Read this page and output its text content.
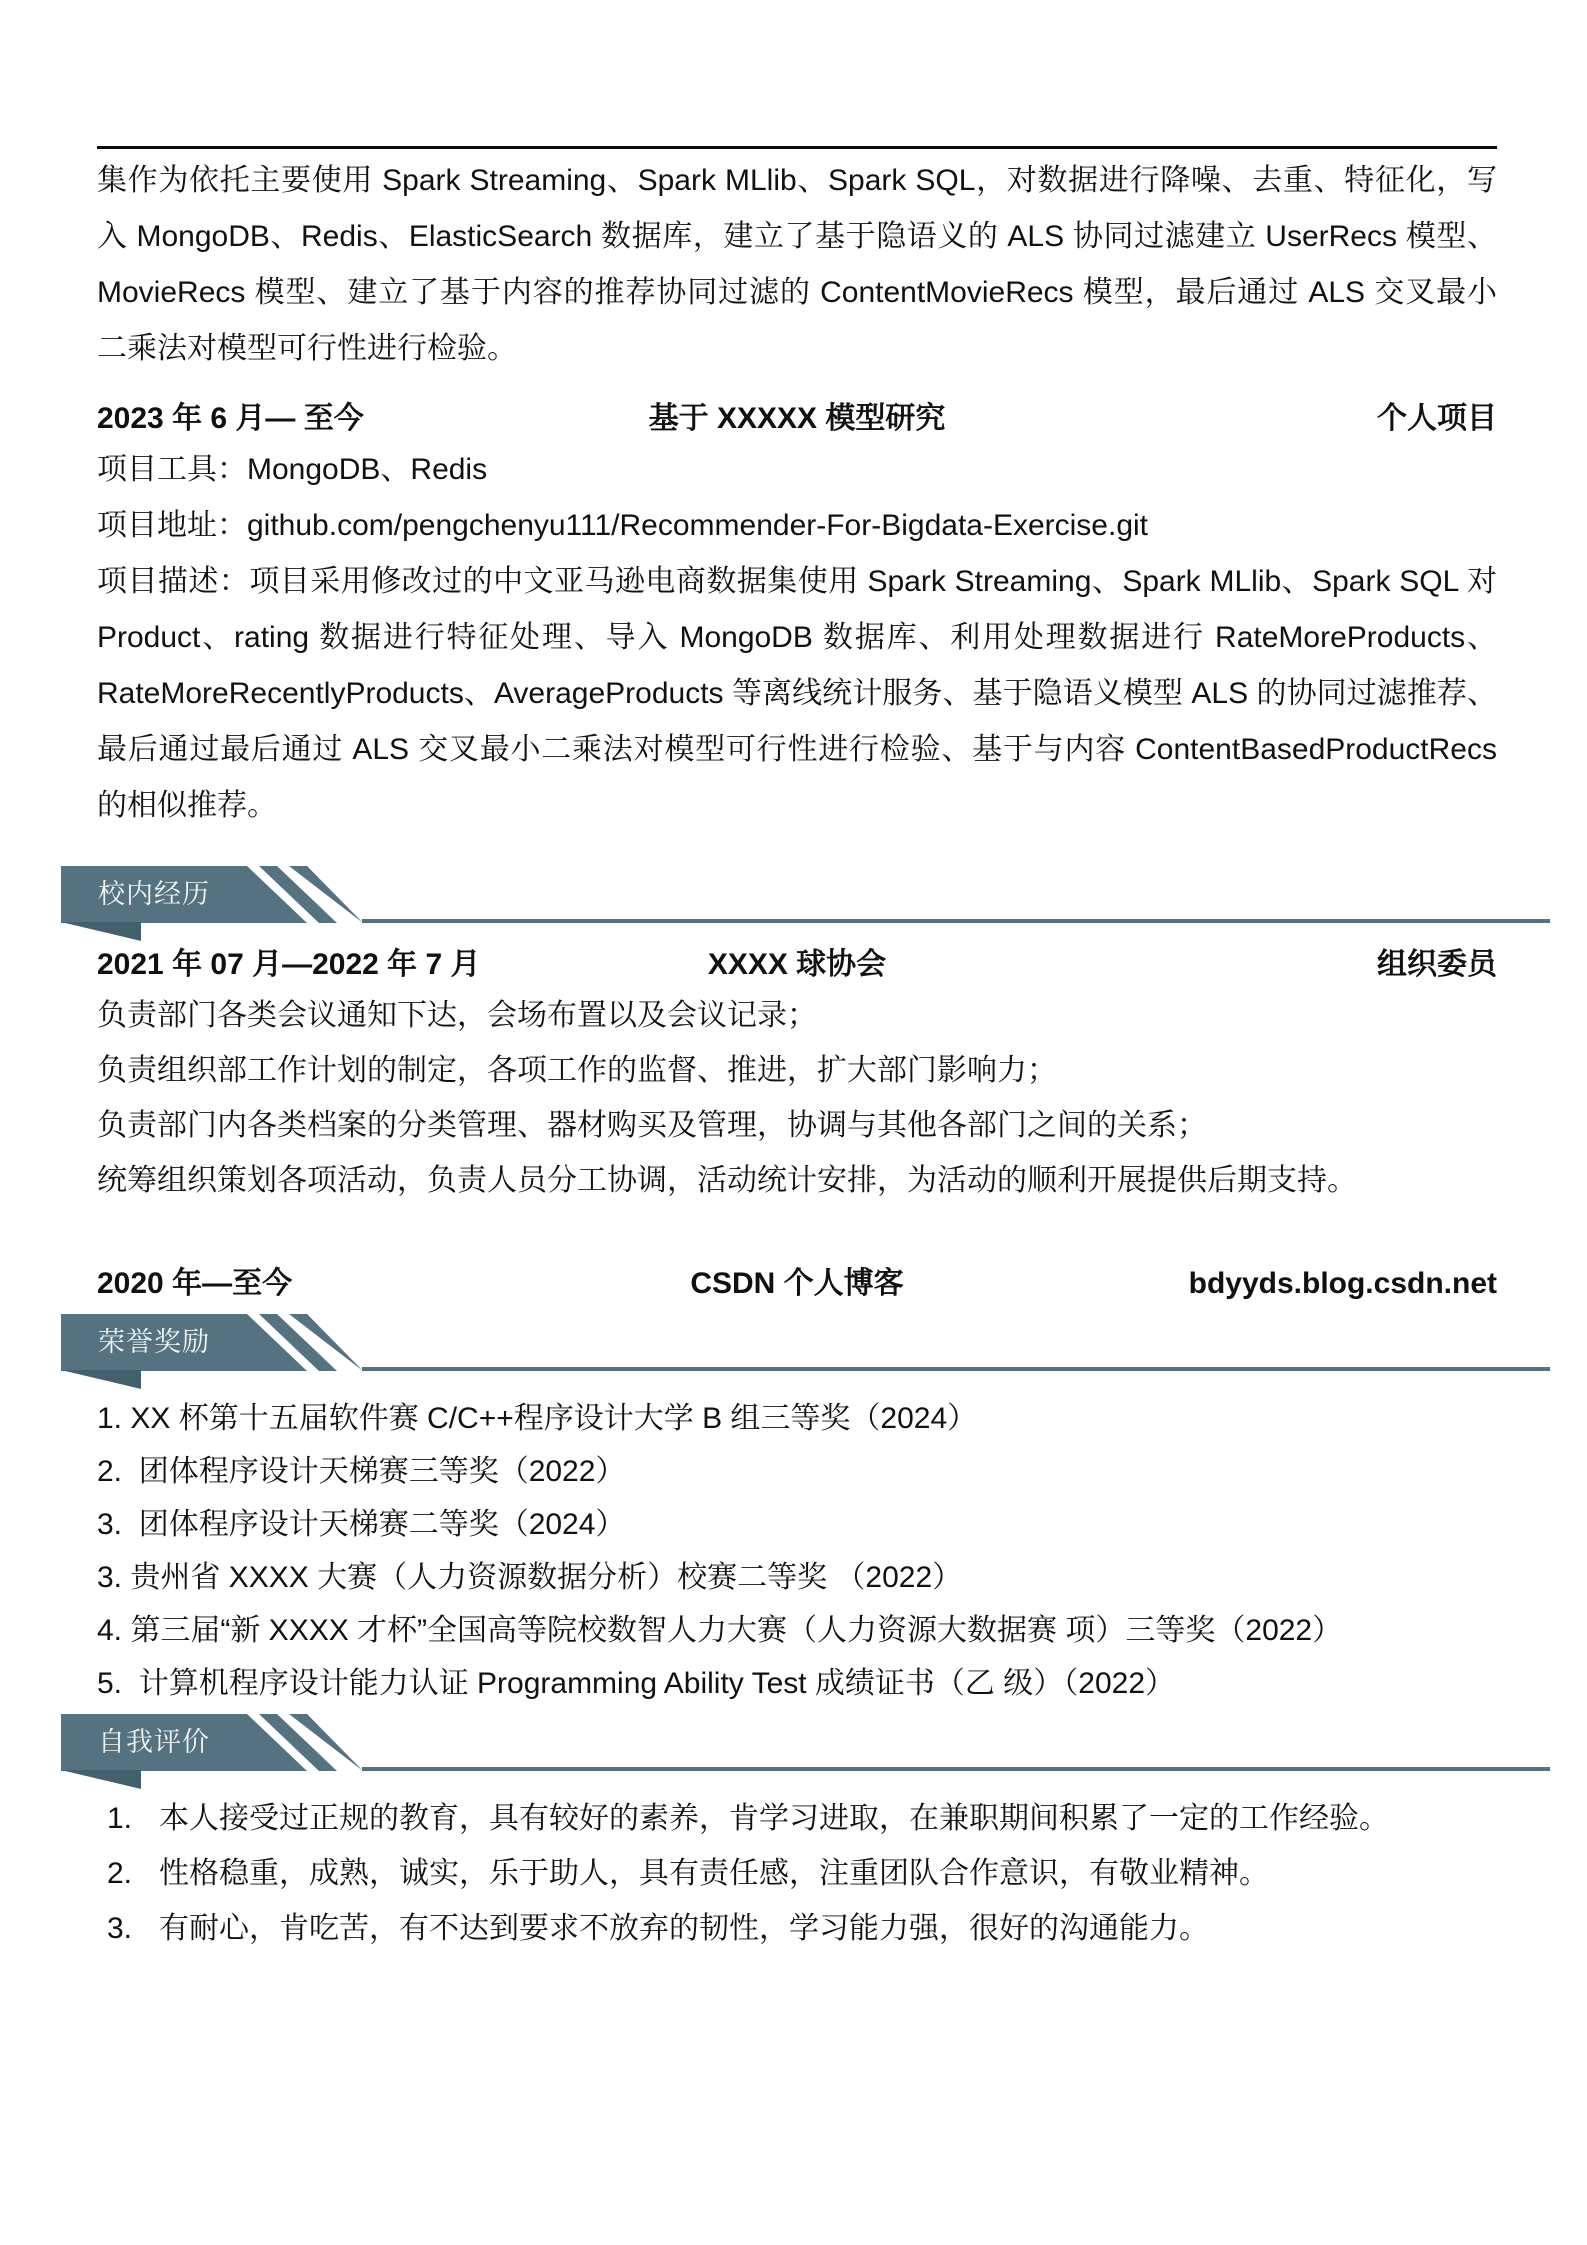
集作为依托主要使用 Spark Streaming、Spark MLlib、Spark SQL，对数据进行降噪、去重、特征化，写入 MongoDB、Redis、ElasticSearch 数据库，建立了基于隐语义的 ALS 协同过滤建立 UserRecs 模型、MovieRecs 模型、建立了基于内容的推荐协同过滤的 ContentMovieRecs 模型，最后通过 ALS 交叉最小二乘法对模型可行性进行检验。
2023 年 6 月— 至今	基于 XXXXX 模型研究	个人项目
项目工具：MongoDB、Redis
项目地址：github.com/pengchenyu111/Recommender-For-Bigdata-Exercise.git
项目描述：项目采用修改过的中文亚马逊电商数据集使用 Spark Streaming、Spark MLlib、Spark SQL 对 Product、rating 数据进行特征处理、导入 MongoDB 数据库、利用处理数据进行 RateMoreProducts、RateMoreRecentlyProducts、AverageProducts 等离线统计服务、基于隐语义模型 ALS 的协同过滤推荐、最后通过最后通过 ALS 交叉最小二乘法对模型可行性进行检验、基于与内容 ContentBasedProductRecs 的相似推荐。
校内经历
2021 年 07 月—2022 年 7 月	XXXX 球协会	组织委员
负责部门各类会议通知下达，会场布置以及会议记录；
负责组织部工作计划的制定，各项工作的监督、推进，扩大部门影响力；
负责部门内各类档案的分类管理、器材购买及管理，协调与其他各部门之间的关系；
统筹组织策划各项活动，负责人员分工协调，活动统计安排，为活动的顺利开展提供后期支持。
2020 年—至今	CSDN 个人博客	bdyyds.blog.csdn.net
荣誉奖励
1. XX 杯第十五届软件赛 C/C++程序设计大学 B 组三等奖（2024）
2.  团体程序设计天梯赛三等奖（2022）
3.  团体程序设计天梯赛二等奖（2024）
3. 贵州省 XXXX 大赛（人力资源数据分析）校赛二等奖 （2022）
4. 第三届“新 XXXX 才杯”全国高等院校数智人力大赛（人力资源大数据赛 项）三等奖（2022）
5.  计算机程序设计能力认证 Programming Ability Test 成绩证书（乙 级）（2022）
自我评价
1. 本人接受过正规的教育，具有较好的素养，肯学习进取，在兼职期间积累了一定的工作经验。
2. 性格稳重，成熟，诚实，乐于助人，具有责任感，注重团队合作意识，有敬业精神。
3. 有耐心，肯吃苦，有不达到要求不放弃的韧性，学习能力强，很好的沟通能力。
